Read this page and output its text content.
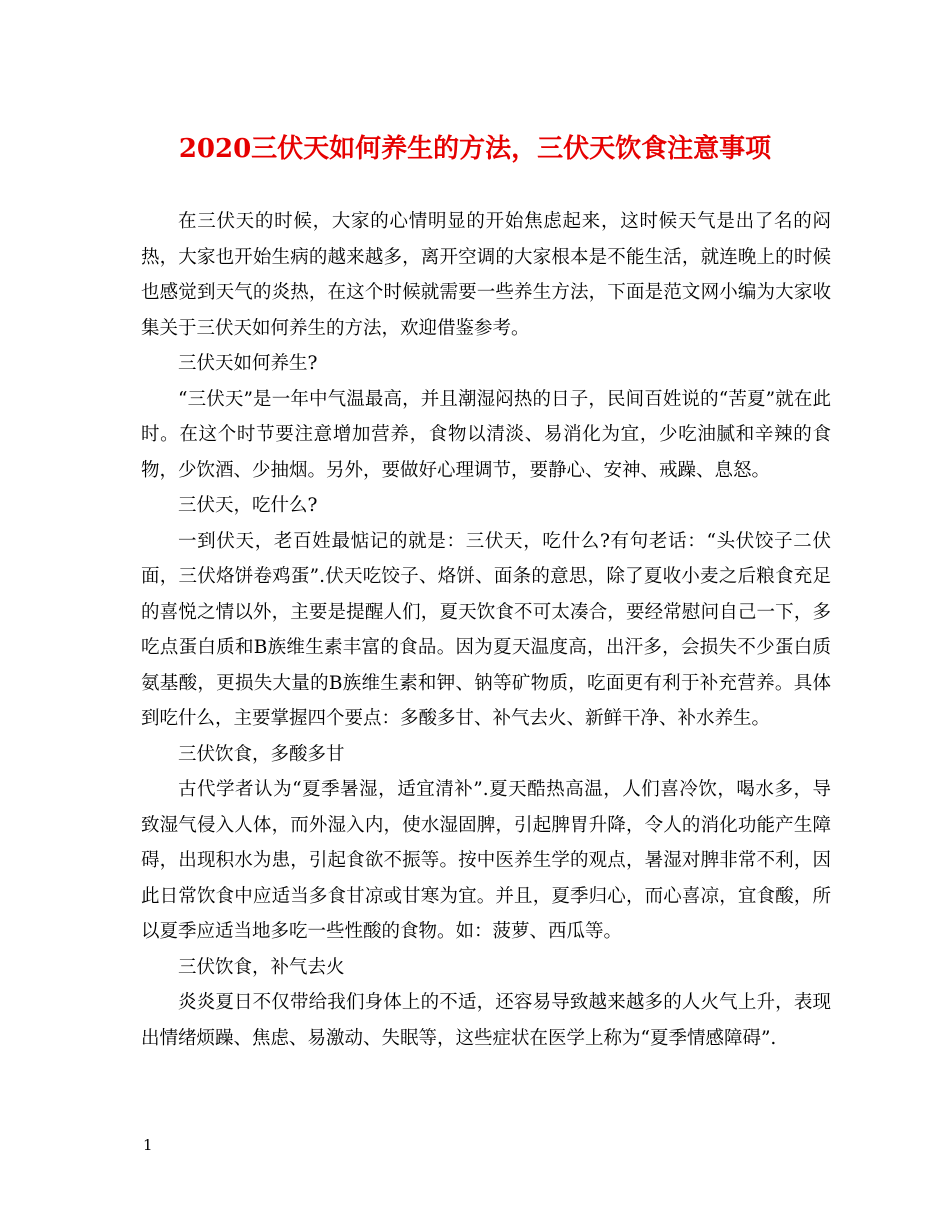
2020三伏天如何养生的方法，三伏天饮食注意事项

在三伏天的时候，大家的心情明显的开始焦虑起来，这时候天气是出了名的闷热，大家也开始生病的越来越多，离开空调的大家根本是不能生活，就连晚上的时候也感觉到天气的炎热，在这个时候就需要一些养生方法，下面是范文网小编为大家收集关于三伏天如何养生的方法，欢迎借鉴参考。

三伏天如何养生?

“三伏天”是一年中气温最高，并且潮湿闷热的日子，民间百姓说的“苦夏”就在此时。在这个时节要注意增加营养，食物以清淡、易消化为宜，少吃油腻和辛辣的食物，少饮酒、少抽烟。另外，要做好心理调节，要静心、安神、戒躁、息怒。

三伏天，吃什么?

一到伏天，老百姓最惦记的就是：三伏天，吃什么?有句老话：“头伏饺子二伏面，三伏烙饼卷鸡蛋”.伏天吃饺子、烙饼、面条的意思，除了夏收小麦之后粮食充足的喜悦之情以外，主要是提醒人们，夏天饮食不可太凑合，要经常慰问自己一下，多吃点蛋白质和B族维生素丰富的食品。因为夏天温度高，出汗多，会损失不少蛋白质氨基酸，更损失大量的B族维生素和钾、钠等矿物质，吃面更有利于补充营养。具体到吃什么，主要掌握四个要点：多酸多甘、补气去火、新鲜干净、补水养生。

三伏饮食，多酸多甘

古代学者认为“夏季暑湿，适宜清补”.夏天酷热高温，人们喜冷饮，喝水多，导致湿气侵入人体，而外湿入内，使水湿固脾，引起脾胃升降，令人的消化功能产生障碍，出现积水为患，引起食欲不振等。按中医养生学的观点，暑湿对脾非常不利，因此日常饮食中应适当多食甘凉或甘寒为宜。并且，夏季归心，而心喜凉，宜食酸，所以夏季应适当地多吃一些性酸的食物。如：菠萝、西瓜等。

三伏饮食，补气去火

炎炎夏日不仅带给我们身体上的不适，还容易导致越来越多的人火气上升，表现出情绪烦躁、焦虑、易激动、失眠等，这些症状在医学上称为“夏季情感障碍”.

1
